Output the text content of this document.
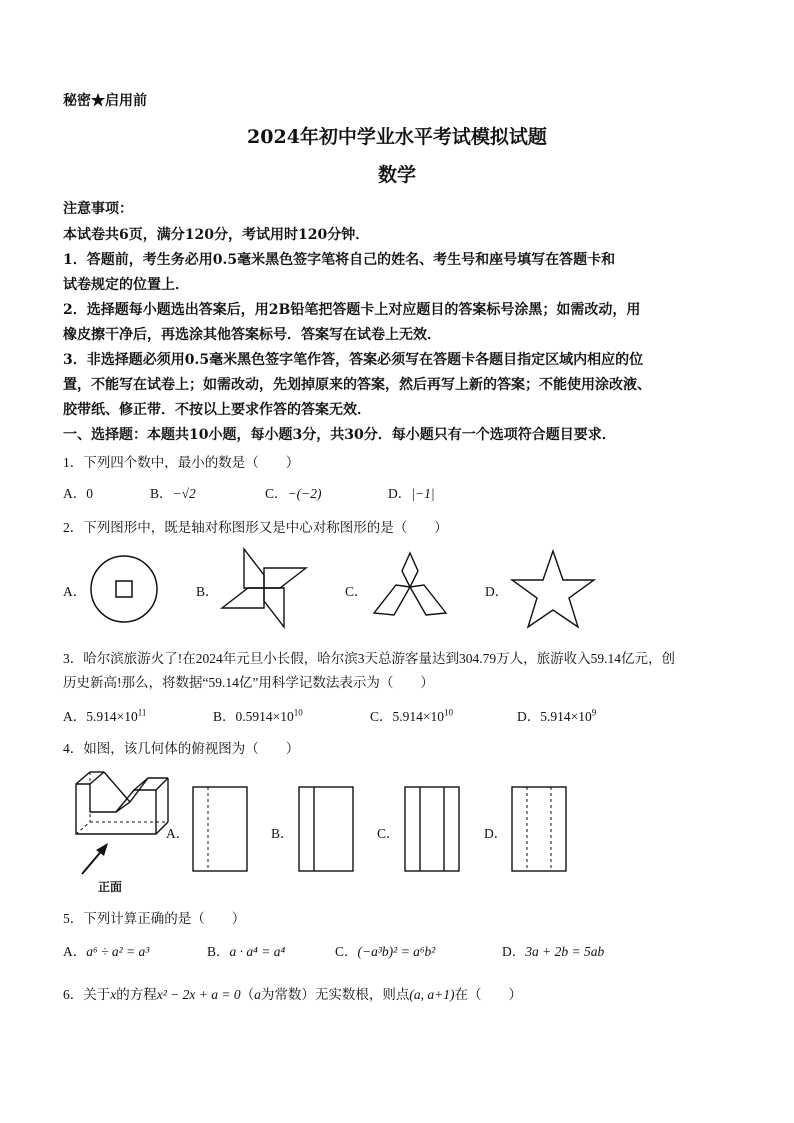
秘密★启用前
2024年初中学业水平考试模拟试题
数学
注意事项：
本试卷共6页，满分120分，考试用时120分钟．
1．答题前，考生务必用0.5毫米黑色签字笔将自己的姓名、考生号和座号填写在答题卡和
试卷规定的位置上．
2．选择题每小题选出答案后，用2B铅笔把答题卡上对应题目的答案标号涂黑；如需改动，用
橡皮擦干净后，再选涂其他答案标号．答案写在试卷上无效．
3．非选择题必须用0.5毫米黑色签字笔作答，答案必须写在答题卡各题目指定区域内相应的位
置，不能写在试卷上；如需改动，先划掉原来的答案，然后再写上新的答案；不能使用涂改液、
胶带纸、修正带．不按以上要求作答的答案无效．
一、选择题：本题共10小题，每小题3分，共30分．每小题只有一个选项符合题目要求．
1．下列四个数中，最小的数是（　　）
A．0	B．−√2	C．−(−2)	D．|−1|
2．下列图形中，既是轴对称图形又是中心对称图形的是（　　）
A．	B．	C．	D．
3．哈尔滨旅游火了!在2024年元旦小长假，哈尔滨3天总游客量达到304.79万人，旅游收入59.14亿元，创
历史新高!那么，将数据“59.14亿”用科学记数法表示为（　　）
A．$5.914\times 10^{11}$	B．$0.5914\times 10^{10}$	C．$5.914\times 10^{10}$	D．$5.914\times 10^9$
4．如图，该几何体的俯视图为（　　）
正面
A．	B．	C．	D．
5．下列计算正确的是（　　）
A．a⁶ ÷ a² = a³	B．a · a⁴ = a⁴	C．(−a³b)² = a⁶b²	D．3a + 2b = 5ab
6．关于x的方程x² − 2x + a = 0（a为常数）无实数根，则点(a, a+1)在（　　）
